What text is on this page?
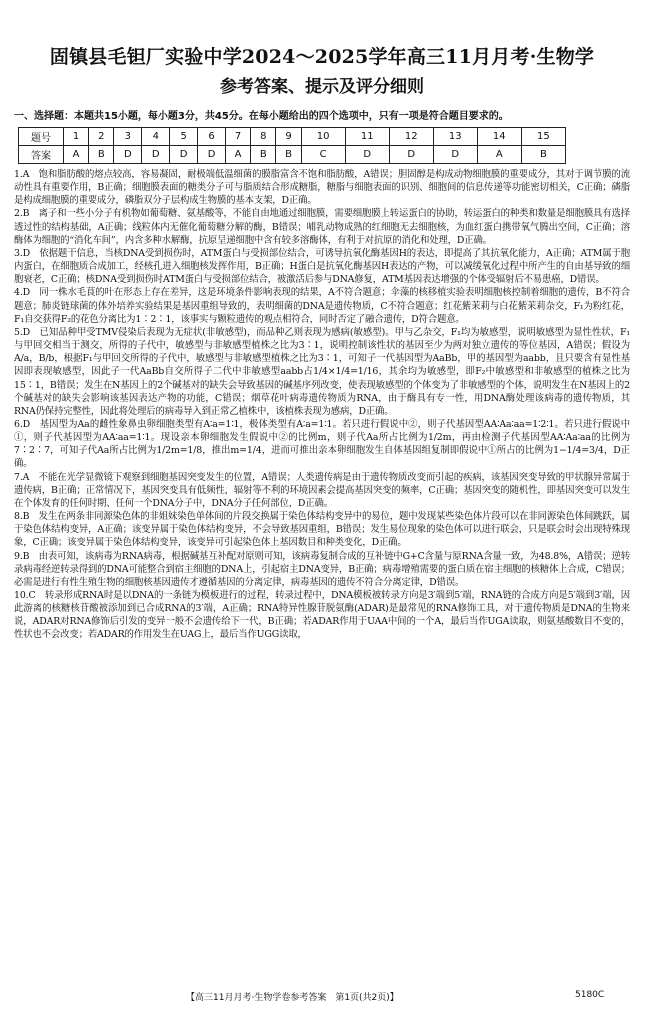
固镇县毛钽厂实验中学2024～2025学年高三11月月考·生物学
参考答案、提示及评分细则
一、选择题：本题共15小题，每小题3分，共45分。在每小题给出的四个选项中，只有一项是符合题目要求的。
题号	1	2	3	4	5	6	7	8	9	10	11	12	13	14	15
答案	A	B	D	D	D	D	A	B	B	C	D	D	D	A	B

1.A　饱和脂肪酸的熔点较高，容易凝固，耐极端低温细菌的膜脂富含不饱和脂肪酸，A错误；胆固醇是构成动物细胞膜的重要成分，其对于调节膜的流动性具有重要作用，B正确；细胞膜表面的糖类分子可与脂质结合形成糖脂，糖脂与细胞表面的识别、细胞间的信息传递等功能密切相关，C正确；磷脂是构成细胞膜的重要成分，磷脂双分子层构成生物膜的基本支架，D正确。

2.B　离子和一些小分子有机物如葡萄糖、氨基酸等，不能自由地通过细胞膜，需要细胞膜上转运蛋白的协助，转运蛋白的种类和数量是细胞膜具有选择透过性的结构基础，A正确；线粒体内无催化葡萄糖分解的酶，B错误；哺乳动物成熟的红细胞无去细胞核，为血红蛋白携带氧气腾出空间，C正确；溶酶体为细胞的“消化车间”，内含多种水解酶，抗原呈递细胞中含有较多溶酶体，有利于对抗原的消化和处理，D正确。

3.D　依据题干信息，当核DNA受到损伤时，ATM蛋白与受损部位结合，可诱导抗氧化酶基因H的表达，即提高了其抗氧化能力，A正确；ATM属于胞内蛋白，在细胞质合成加工，经核孔进入细胞核发挥作用，B正确；H蛋白是抗氧化酶基因H表达的产物，可以减缓氧化过程中所产生的自由基导致的细胞衰老，C正确；核DNA受到损伤时ATM蛋白与受损部位结合，被激活后参与DNA修复，ATM基因表达增强的个体受辐射后不易患癌，D错误。

4.D　同一株水毛茛的叶在形态上存在差异，这是环境条件影响表现的结果，A不符合题意；伞藻的核移植实验表明细胞核控制着细胞的遗传，B不符合题意；肺炎链球菌的体外培养实验结果是基因重组导致的，表明细菌的DNA是遗传物质，C不符合题意；红花紫茉莉与白花紫茉莉杂交，F₁为粉红花，F₁自交获得F₂的花色分离比为1∶2∶1，该事实与颗粒遗传的观点相符合，同时否定了融合遗传，D符合题意。

5.D　已知品种甲受TMV侵染后表现为无症状(非敏感型)，而品种乙则表现为感病(敏感型)。甲与乙杂交，F₁均为敏感型，说明敏感型为显性性状，F₁与甲回交相当于测交，所得的子代中，敏感型与非敏感型植株之比为3∶1，说明控制该性状的基因至少为两对独立遗传的等位基因，A错误；假设为A/a，B/b，根据F₁与甲回交所得的子代中，敏感型与非敏感型植株之比为3∶1，可知子一代基因型为AaBb，甲的基因型为aabb，且只要含有显性基因即表现敏感型，因此子一代AaBb自交所得子二代中非敏感型aabb占1/4×1/4=1/16，其余均为敏感型，即F₂中敏感型和非敏感型的植株之比为15∶1，B错误；发生在N基因上的2个碱基对的缺失会导致基因的碱基序列改变，使表现敏感型的个体变为了非敏感型的个体，说明发生在N基因上的2个碱基对的缺失会影响该基因表达产物的功能，C错误；烟草花叶病毒遗传物质为RNA，由于酶具有专一性，用DNA酶处理该病毒的遗传物质，其RNA仍保持完整性，因此将处理后的病毒导入到正常乙植株中，该植株表现为感病，D正确。

6.D　基因型为Aa的雌性象鼻虫卵细胞类型有A∶a=1∶1，极体类型有A∶a=1∶1。若只进行假说中②，则子代基因型AA∶Aa∶aa=1∶2∶1。若只进行假说中①，则子代基因型为AA∶aa=1∶1。现设亲本卵细胞发生假说中②的比例m，则子代Aa所占比例为1/2m，再由检测子代基因型AA∶Aa∶aa的比例为7∶2∶7，可知子代Aa所占比例为1/2m=1/8，推出m=1/4，进而可推出亲本卵细胞发生自体基因组复制即假说中①所占的比例为1−1/4=3/4，D正确。

7.A　不能在光学显微镜下观察到细胞基因突变发生的位置，A错误；人类遗传病是由于遗传物质改变而引起的疾病，该基因突变导致的甲状腺异常属于遗传病，B正确；正常情况下，基因突变具有低频性，辐射等不利的环境因素会提高基因突变的频率，C正确；基因突变的随机性，即基因突变可以发生在个体发育的任何时期、任何一个DNA分子中，DNA分子任何部位，D正确。

8.B　发生在两条非同源染色体的非姐妹染色单体间的片段交换属于染色体结构变异中的易位，题中发现某些染色体片段可以在非同源染色体间跳跃，属于染色体结构变异，A正确；该变异属于染色体结构变异，不会导致基因重组，B错误；发生易位现象的染色体可以进行联会，只是联会时会出现特殊现象，C正确；该变异属于染色体结构变异，该变异可引起染色体上基因数目和种类变化，D正确。

9.B　由表可知，该病毒为RNA病毒，根据碱基互补配对原则可知，该病毒复制合成的互补链中G+C含量与原RNA含量一致，为48.8%，A错误；逆转录病毒经逆转录得到的DNA可能整合到宿主细胞的DNA上，引起宿主DNA变异，B正确；病毒增殖需要的蛋白质在宿主细胞的核糖体上合成，C错误；必需是进行有性生殖生物的细胞核基因遗传才遵循基因的分离定律，病毒基因的遗传不符合分离定律，D错误。

10.C　转录形成RNA时是以DNA的一条链为模板进行的过程，转录过程中，DNA模板被转录方向是3′端到5′端，RNA链的合成方向是5′端到3′端，因此游离的核糖核苷酸被添加到已合成RNA的3′端，A正确；RNA特异性腺苷脱氨酶(ADAR)是最常见的RNA修饰工具，对于遗传物质是DNA的生物来说，ADAR对RNA修饰后引发的变异一般不会遗传给下一代，B正确；若ADAR作用于UAA中间的一个A，最后当作UGA读取，则氨基酸数目不变的，性状也不会改变；若ADAR的作用发生在UAG上，最后当作UGG读取，

【高三11月月考·生物学卷参考答案　第1页(共2页)】	5180C
